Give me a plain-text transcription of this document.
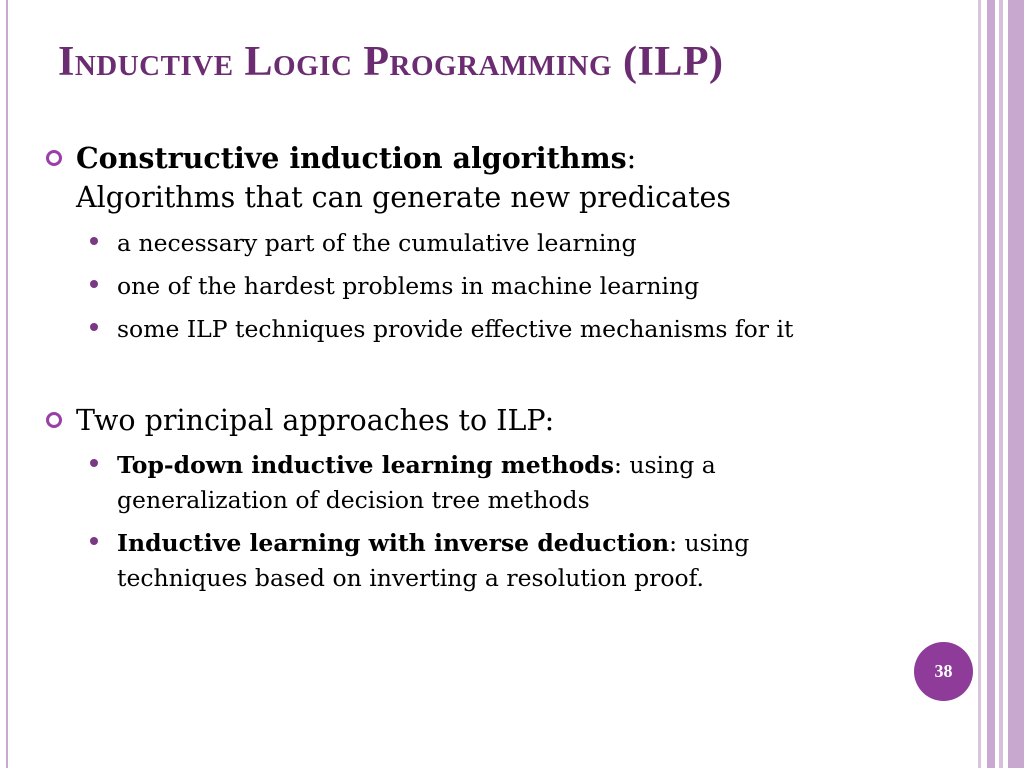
Inductive Logic Programming (ILP)
Constructive induction algorithms:
Algorithms that can generate new predicates
a necessary part of the cumulative learning
one of the hardest problems in machine learning
some ILP techniques provide effective mechanisms for it
Two principal approaches to ILP:
Top-down inductive learning methods: using a
generalization of decision tree methods
Inductive learning with inverse deduction: using
techniques based on inverting a resolution proof.
38
